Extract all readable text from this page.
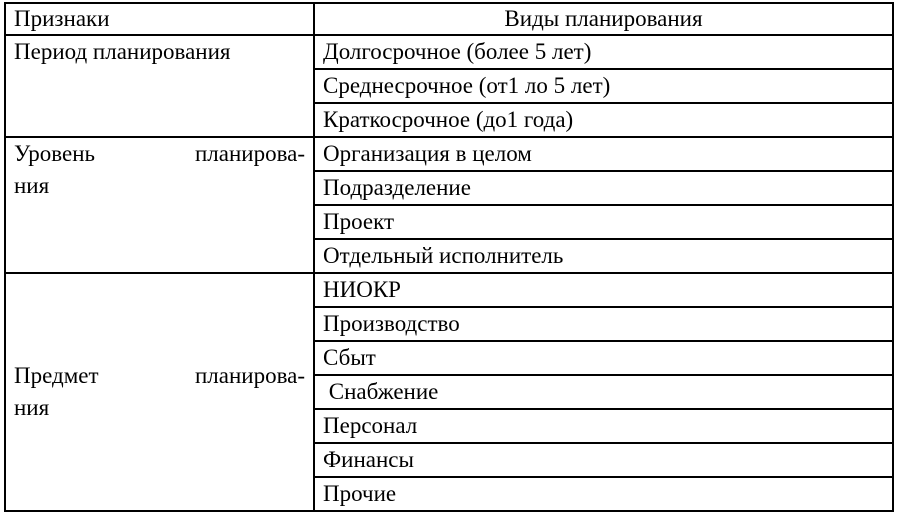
Признаки	Виды планирования

Период планирования	Долгосрочное (более 5 лет)
	Среднесрочное (от1 ло 5 лет)
	Краткосрочное (до1 года)

Уровень планирова-
ния	Организация в целом
	Подразделение
	Проект
	Отдельный исполнитель

Предмет планирова-
ния	НИОКР
	Производство
	Сбыт
	Снабжение
	Персонал
	Финансы
	Прочие
